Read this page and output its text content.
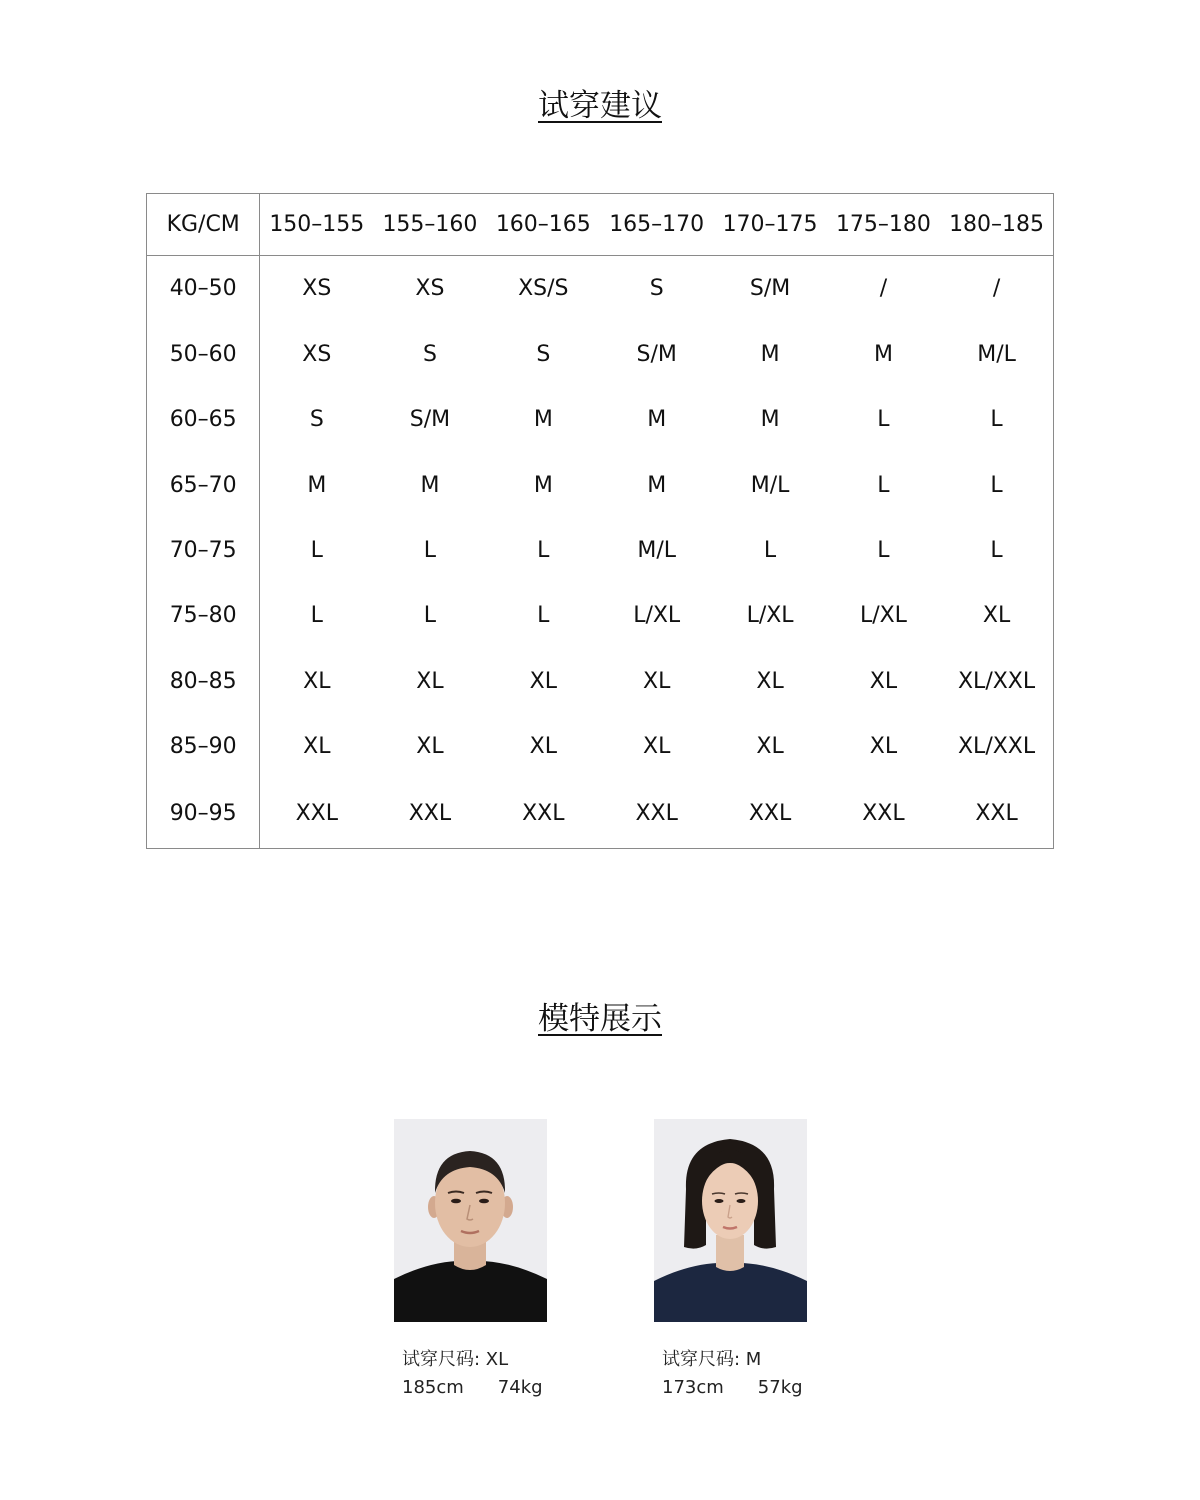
试穿建议
KG/CM	150–155	155–160	160–165	165–170	170–175	175–180	180–185
40–50	XS	XS	XS/S	S	S/M	/	/
50–60	XS	S	S	S/M	M	M	M/L
60–65	S	S/M	M	M	M	L	L
65–70	M	M	M	M	M/L	L	L
70–75	L	L	L	M/L	L	L	L
75–80	L	L	L	L/XL	L/XL	L/XL	XL
80–85	XL	XL	XL	XL	XL	XL	XL/XXL
85–90	XL	XL	XL	XL	XL	XL	XL/XXL
90–95	XXL	XXL	XXL	XXL	XXL	XXL	XXL
模特展示
试穿尺码: XL
185cm 74kg
试穿尺码: M
173cm 57kg
